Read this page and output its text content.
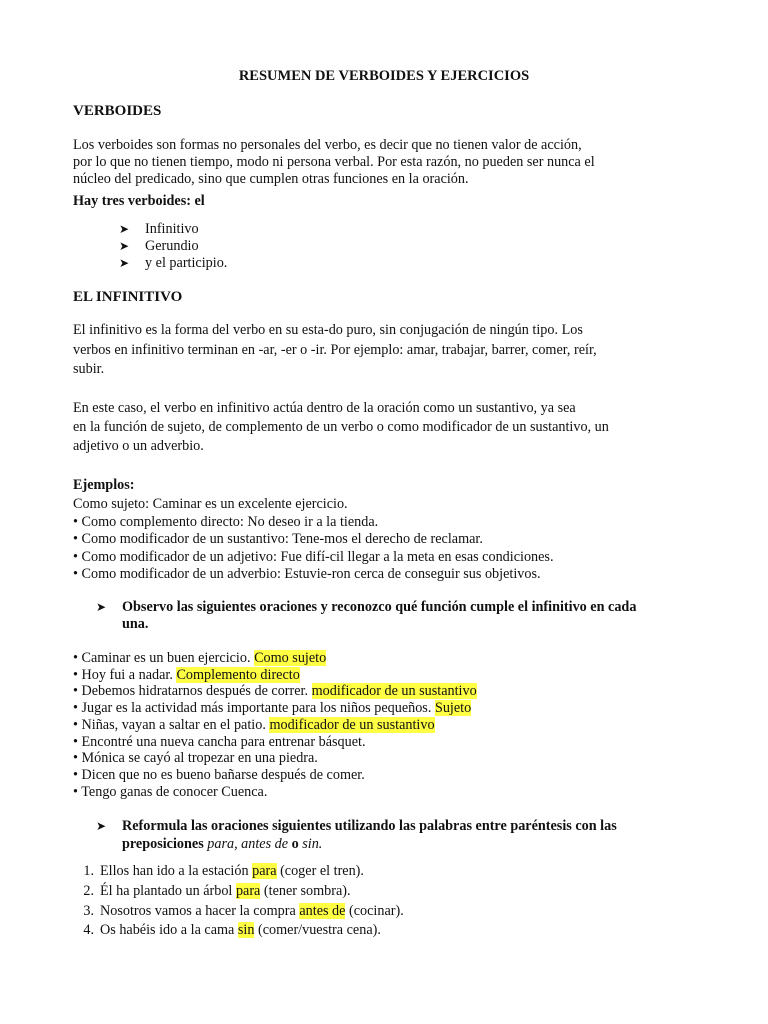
RESUMEN DE VERBOIDES Y EJERCICIOS
VERBOIDES
Los verboides son formas no personales del verbo, es decir que no tienen valor de acción,
por lo que no tienen tiempo, modo ni persona verbal. Por esta razón, no pueden ser nunca el
núcleo del predicado, sino que cumplen otras funciones en la oración.
Hay tres verboides: el
➤ Infinitivo
➤ Gerundio
➤ y el participio.
EL INFINITIVO
El infinitivo es la forma del verbo en su esta-do puro, sin conjugación de ningún tipo. Los
verbos en infinitivo terminan en -ar, -er o -ir. Por ejemplo: amar, trabajar, barrer, comer, reír,
subir.
En este caso, el verbo en infinitivo actúa dentro de la oración como un sustantivo, ya sea
en la función de sujeto, de complemento de un verbo o como modificador de un sustantivo, un
adjetivo o un adverbio.
Ejemplos:
Como sujeto: Caminar es un excelente ejercicio.
• Como complemento directo: No deseo ir a la tienda.
• Como modificador de un sustantivo: Tene-mos el derecho de reclamar.
• Como modificador de un adjetivo: Fue difí-cil llegar a la meta en esas condiciones.
• Como modificador de un adverbio: Estuvie-ron cerca de conseguir sus objetivos.
➤ Observo las siguientes oraciones y reconozco qué función cumple el infinitivo en cada
una.
• Caminar es un buen ejercicio. Como sujeto
• Hoy fui a nadar. Complemento directo
• Debemos hidratarnos después de correr. modificador de un sustantivo
• Jugar es la actividad más importante para los niños pequeños. Sujeto
• Niñas, vayan a saltar en el patio. modificador de un sustantivo
• Encontré una nueva cancha para entrenar básquet.
• Mónica se cayó al tropezar en una piedra.
• Dicen que no es bueno bañarse después de comer.
• Tengo ganas de conocer Cuenca.
➤ Reformula las oraciones siguientes utilizando las palabras entre paréntesis con las
preposiciones para, antes de o sin.
1. Ellos han ido a la estación para (coger el tren).
2. Él ha plantado un árbol para (tener sombra).
3. Nosotros vamos a hacer la compra antes de (cocinar).
4. Os habéis ido a la cama sin (comer/vuestra cena).
